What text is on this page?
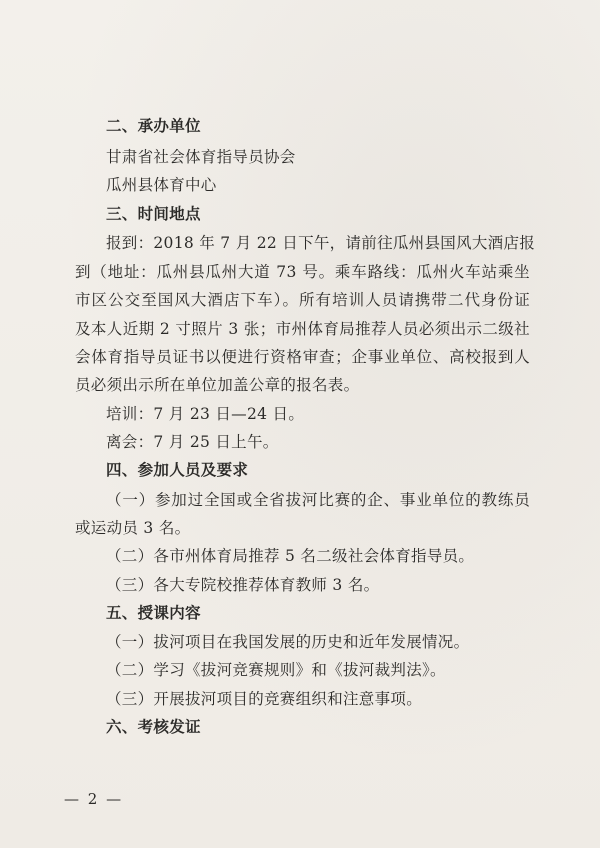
二、承办单位
甘肃省社会体育指导员协会
瓜州县体育中心
三、时间地点
报到：2018 年 7 月 22 日下午，请前往瓜州县国风大酒店报
到（地址：瓜州县瓜州大道 73 号。乘车路线：瓜州火车站乘坐
市区公交至国风大酒店下车）。所有培训人员请携带二代身份证
及本人近期 2 寸照片 3 张；市州体育局推荐人员必须出示二级社
会体育指导员证书以便进行资格审查；企事业单位、高校报到人
员必须出示所在单位加盖公章的报名表。
培训：7 月 23 日—24 日。
离会：7 月 25 日上午。
四、参加人员及要求
（一）参加过全国或全省拔河比赛的企、事业单位的教练员
或运动员 3 名。
（二）各市州体育局推荐 5 名二级社会体育指导员。
（三）各大专院校推荐体育教师 3 名。
五、授课内容
（一）拔河项目在我国发展的历史和近年发展情况。
（二）学习《拔河竞赛规则》和《拔河裁判法》。
（三）开展拔河项目的竞赛组织和注意事项。
六、考核发证
— 2 —
